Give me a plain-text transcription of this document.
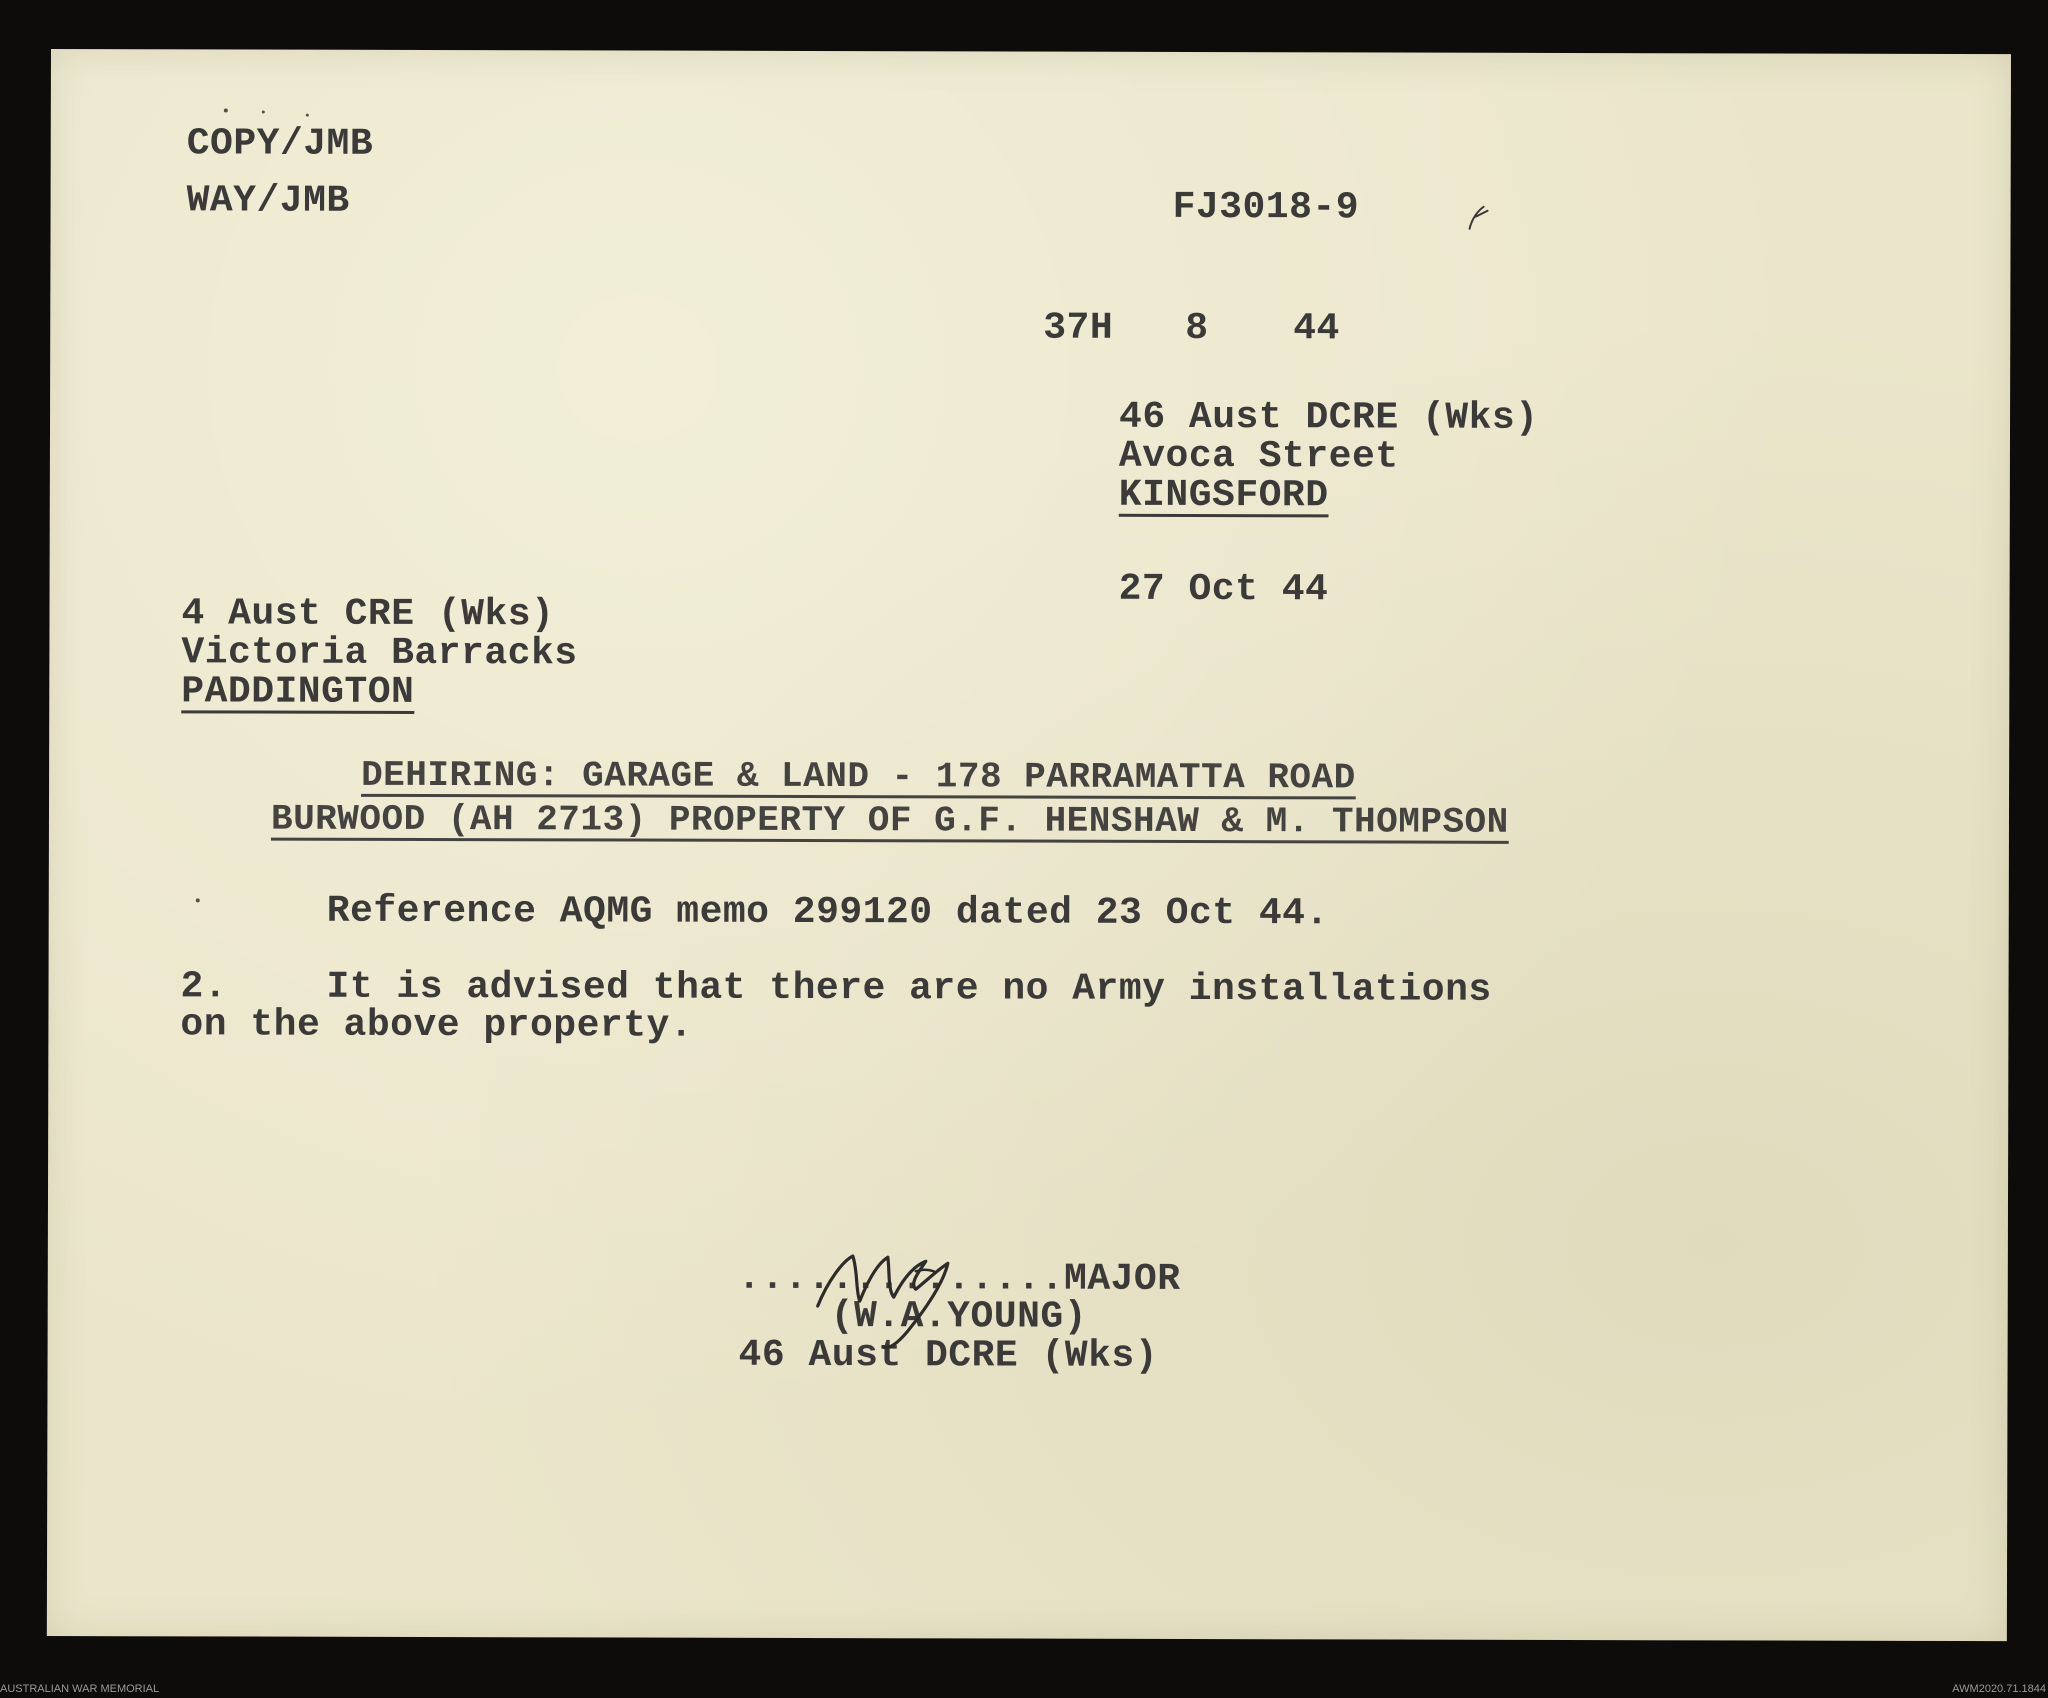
COPY/JMB
WAY/JMB	FJ3018-9
37H 8 44
46 Aust DCRE (Wks)
Avoca Street
KINGSFORD
27 Oct 44
4 Aust CRE (Wks)
Victoria Barracks
PADDINGTON
DEHIRING: GARAGE & LAND - 178 PARRAMATTA ROAD
BURWOOD (AH 2713) PROPERTY OF G.F. HENSHAW & M. THOMPSON
Reference AQMG memo 299120 dated 23 Oct 44.
2.	It is advised that there are no Army installations
on the above property.
..............MAJOR
(W.A.YOUNG)
46 Aust DCRE (Wks)
AUSTRALIAN WAR MEMORIAL	AWM2020.71.1844
